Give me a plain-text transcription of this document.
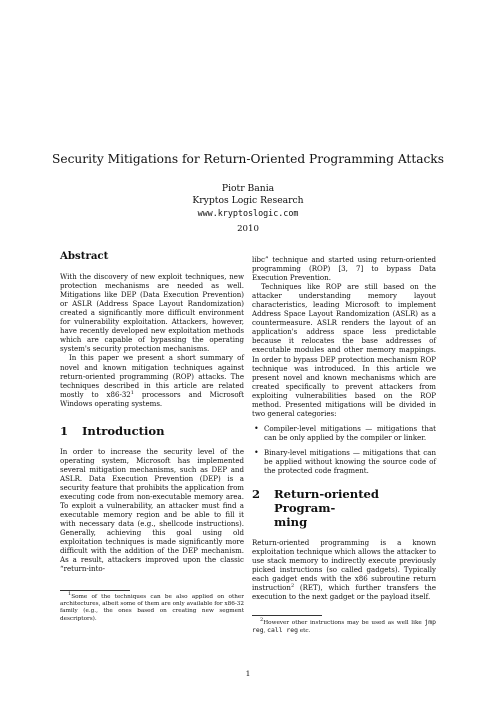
Security Mitigations for Return-Oriented Programming Attacks
Piotr Bania
Kryptos Logic Research
www.kryptoslogic.com
2010
Abstract

With the discovery of new exploit techniques, new protection mechanisms are needed as well. Mitigations like DEP (Data Execution Prevention) or ASLR (Address Space Layout Randomization) created a significantly more difficult environment for vulnerability exploitation. Attackers, however, have recently developed new exploitation methods which are capable of bypassing the operating system's security protection mechanisms.

In this paper we present a short summary of novel and known mitigation techniques against return-oriented programming (ROP) attacks. The techniques described in this article are related mostly to $x86-32^1$ processors and Microsoft Windows operating systems.

1	Introduction

In order to increase the security level of the operating system, Microsoft has implemented several mitigation mechanisms, such as DEP and ASLR. Data Execution Prevention (DEP) is a security feature that prohibits the application from executing code from non-executable memory area. To exploit a vulnerability, an attacker must find a executable memory region and be able to fill it with necessary data (e.g., shellcode instructions). Generally, achieving this goal using old exploitation techniques is made significantly more difficult with the addition of the DEP mechanism. As a result, attackers improved upon the classic “return-into-

$^1$Some of the techniques can be also applied on other architectures, albeit some of them are only available for x86-32 family (e.g., the ones based on creating new segment descriptors).

libc” technique and started using return-oriented programming (ROP) [3, 7] to bypass Data Execution Prevention.

Techniques like ROP are still based on the attacker understanding memory layout characteristics, leading Microsoft to implement Address Space Layout Randomization (ASLR) as a countermeasure. ASLR renders the layout of an application's address space less predictable because it relocates the base addresses of executable modules and other memory mappings. In order to bypass DEP protection mechanism ROP technique was introduced. In this article we present novel and known mechanisms which are created specifically to prevent attackers from exploiting vulnerabilities based on the ROP method. Presented mitigations will be divided in two general categories:

• Compiler-level mitigations — mitigations that can be only applied by the compiler or linker.
• Binary-level mitigations — mitigations that can be applied without knowing the source code of the protected code fragment.
2	Return-oriented Program-
ming

Return-oriented programming is a known exploitation technique which allows the attacker to use stack memory to indirectly execute previously picked instructions (so called gadgets). Typically each gadget ends with the x86 subroutine return instruction$^2$ (RET), which further transfers the execution to the next gadget or the payload itself.

$^2$However other instructions may be used as well like jmp reg, call reg etc.

1
